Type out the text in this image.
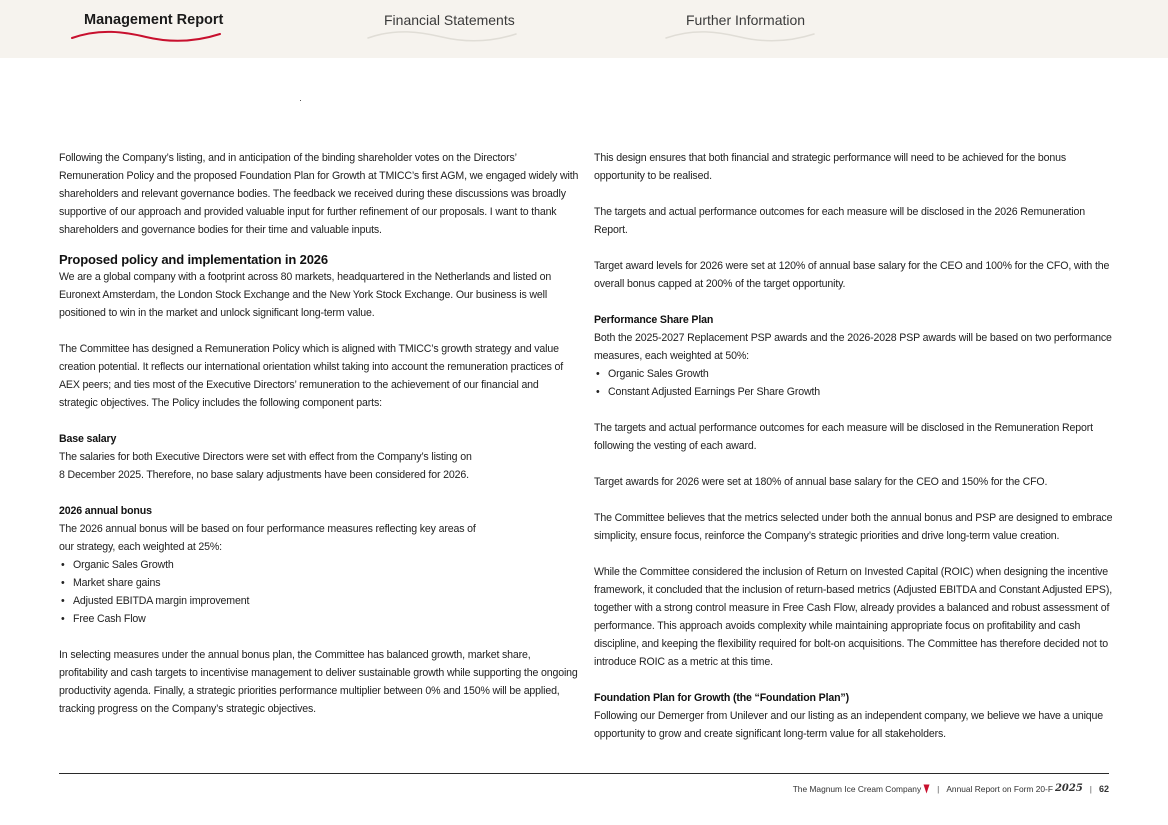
Management Report	Financial Statements	Further Information

Following the Company’s listing, and in anticipation of the binding shareholder votes on the Directors’ Remuneration Policy and the proposed Foundation Plan for Growth at TMICC’s first AGM, we engaged widely with shareholders and relevant governance bodies. The feedback we received during these discussions was broadly supportive of our approach and provided valuable input for further refinement of our proposals. I want to thank shareholders and governance bodies for their time and valuable inputs.

Proposed policy and implementation in 2026

We are a global company with a footprint across 80 markets, headquartered in the Netherlands and listed on Euronext Amsterdam, the London Stock Exchange and the New York Stock Exchange. Our business is well positioned to win in the market and unlock significant long-term value.

The Committee has designed a Remuneration Policy which is aligned with TMICC’s growth strategy and value creation potential. It reflects our international orientation whilst taking into account the remuneration practices of AEX peers; and ties most of the Executive Directors’ remuneration to the achievement of our financial and strategic objectives. The Policy includes the following component parts:

Base salary

The salaries for both Executive Directors were set with effect from the Company’s listing on

8 December 2025. Therefore, no base salary adjustments have been considered for 2026.

2026 annual bonus

The 2026 annual bonus will be based on four performance measures reflecting key areas of

our strategy, each weighted at 25%:

• Organic Sales Growth
• Market share gains
• Adjusted EBITDA margin improvement
• Free Cash Flow

In selecting measures under the annual bonus plan, the Committee has balanced growth, market share, profitability and cash targets to incentivise management to deliver sustainable growth while supporting the ongoing productivity agenda. Finally, a strategic priorities performance multiplier between 0% and 150% will be applied, tracking progress on the Company’s strategic objectives.

This design ensures that both financial and strategic performance will need to be achieved for the bonus opportunity to be realised.

The targets and actual performance outcomes for each measure will be disclosed in the 2026 Remuneration Report.

Target award levels for 2026 were set at 120% of annual base salary for the CEO and 100% for the CFO, with the overall bonus capped at 200% of the target opportunity.

Performance Share Plan

Both the 2025-2027 Replacement PSP awards and the 2026-2028 PSP awards will be based on two performance measures, each weighted at 50%:

• Organic Sales Growth
• Constant Adjusted Earnings Per Share Growth

The targets and actual performance outcomes for each measure will be disclosed in the Remuneration Report following the vesting of each award.

Target awards for 2026 were set at 180% of annual base salary for the CEO and 150% for the CFO.

The Committee believes that the metrics selected under both the annual bonus and PSP are designed to embrace simplicity, ensure focus, reinforce the Company’s strategic priorities and drive long-term value creation.

While the Committee considered the inclusion of Return on Invested Capital (ROIC) when designing the incentive framework, it concluded that the inclusion of return-based metrics (Adjusted EBITDA and Constant Adjusted EPS), together with a strong control measure in Free Cash Flow, already provides a balanced and robust assessment of performance. This approach avoids complexity while maintaining appropriate focus on profitability and cash discipline, and keeping the flexibility required for bolt-on acquisitions. The Committee has therefore decided not to introduce ROIC as a metric at this time.

Foundation Plan for Growth (the “Foundation Plan”)

Following our Demerger from Unilever and our listing as an independent company, we believe we have a unique opportunity to grow and create significant long-term value for all stakeholders.

The Magnum Ice Cream Company | Annual Report on Form 20-F 2025 | 62
